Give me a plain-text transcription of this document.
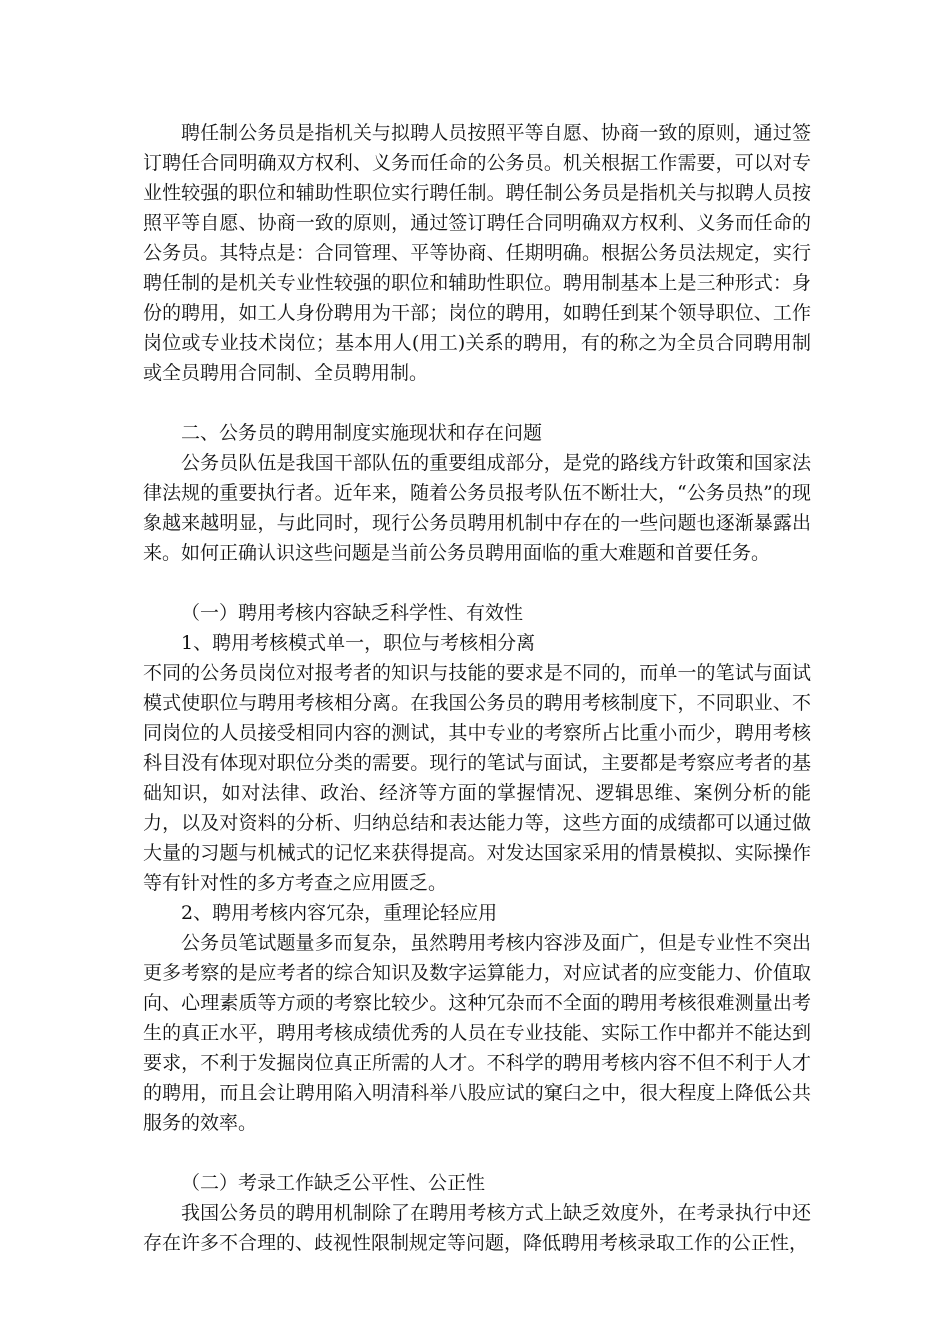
聘任制公务员是指机关与拟聘人员按照平等自愿、协商一致的原则，通过签订聘任合同明确双方权利、义务而任命的公务员。机关根据工作需要，可以对专业性较强的职位和辅助性职位实行聘任制。聘任制公务员是指机关与拟聘人员按照平等自愿、协商一致的原则，通过签订聘任合同明确双方权利、义务而任命的公务员。其特点是：合同管理、平等协商、任期明确。根据公务员法规定，实行聘任制的是机关专业性较强的职位和辅助性职位。聘用制基本上是三种形式：身份的聘用，如工人身份聘用为干部；岗位的聘用，如聘任到某个领导职位、工作岗位或专业技术岗位；基本用人(用工)关系的聘用，有的称之为全员合同聘用制或全员聘用合同制、全员聘用制。

二、公务员的聘用制度实施现状和存在问题

公务员队伍是我国干部队伍的重要组成部分，是党的路线方针政策和国家法律法规的重要执行者。近年来，随着公务员报考队伍不断壮大，“公务员热”的现象越来越明显，与此同时，现行公务员聘用机制中存在的一些问题也逐渐暴露出来。如何正确认识这些问题是当前公务员聘用面临的重大难题和首要任务。

（一）聘用考核内容缺乏科学性、有效性

1、聘用考核模式单一，职位与考核相分离

不同的公务员岗位对报考者的知识与技能的要求是不同的，而单一的笔试与面试模式使职位与聘用考核相分离。在我国公务员的聘用考核制度下，不同职业、不同岗位的人员接受相同内容的测试，其中专业的考察所占比重小而少，聘用考核科目没有体现对职位分类的需要。现行的笔试与面试，主要都是考察应考者的基础知识，如对法律、政治、经济等方面的掌握情况、逻辑思维、案例分析的能力，以及对资料的分析、归纳总结和表达能力等，这些方面的成绩都可以通过做大量的习题与机械式的记忆来获得提高。对发达国家采用的情景模拟、实际操作等有针对性的多方考查之应用匮乏。

2、聘用考核内容冗杂，重理论轻应用

公务员笔试题量多而复杂，虽然聘用考核内容涉及面广，但是专业性不突出更多考察的是应考者的综合知识及数字运算能力，对应试者的应变能力、价值取向、心理素质等方顽的考察比较少。这种冗杂而不全面的聘用考核很难测量出考生的真正水平，聘用考核成绩优秀的人员在专业技能、实际工作中都并不能达到要求，不利于发掘岗位真正所需的人才。不科学的聘用考核内容不但不利于人才的聘用，而且会让聘用陷入明清科举八股应试的窠臼之中，很大程度上降低公共服务的效率。

（二）考录工作缺乏公平性、公正性

我国公务员的聘用机制除了在聘用考核方式上缺乏效度外，在考录执行中还存在许多不合理的、歧视性限制规定等问题，降低聘用考核录取工作的公正性，
